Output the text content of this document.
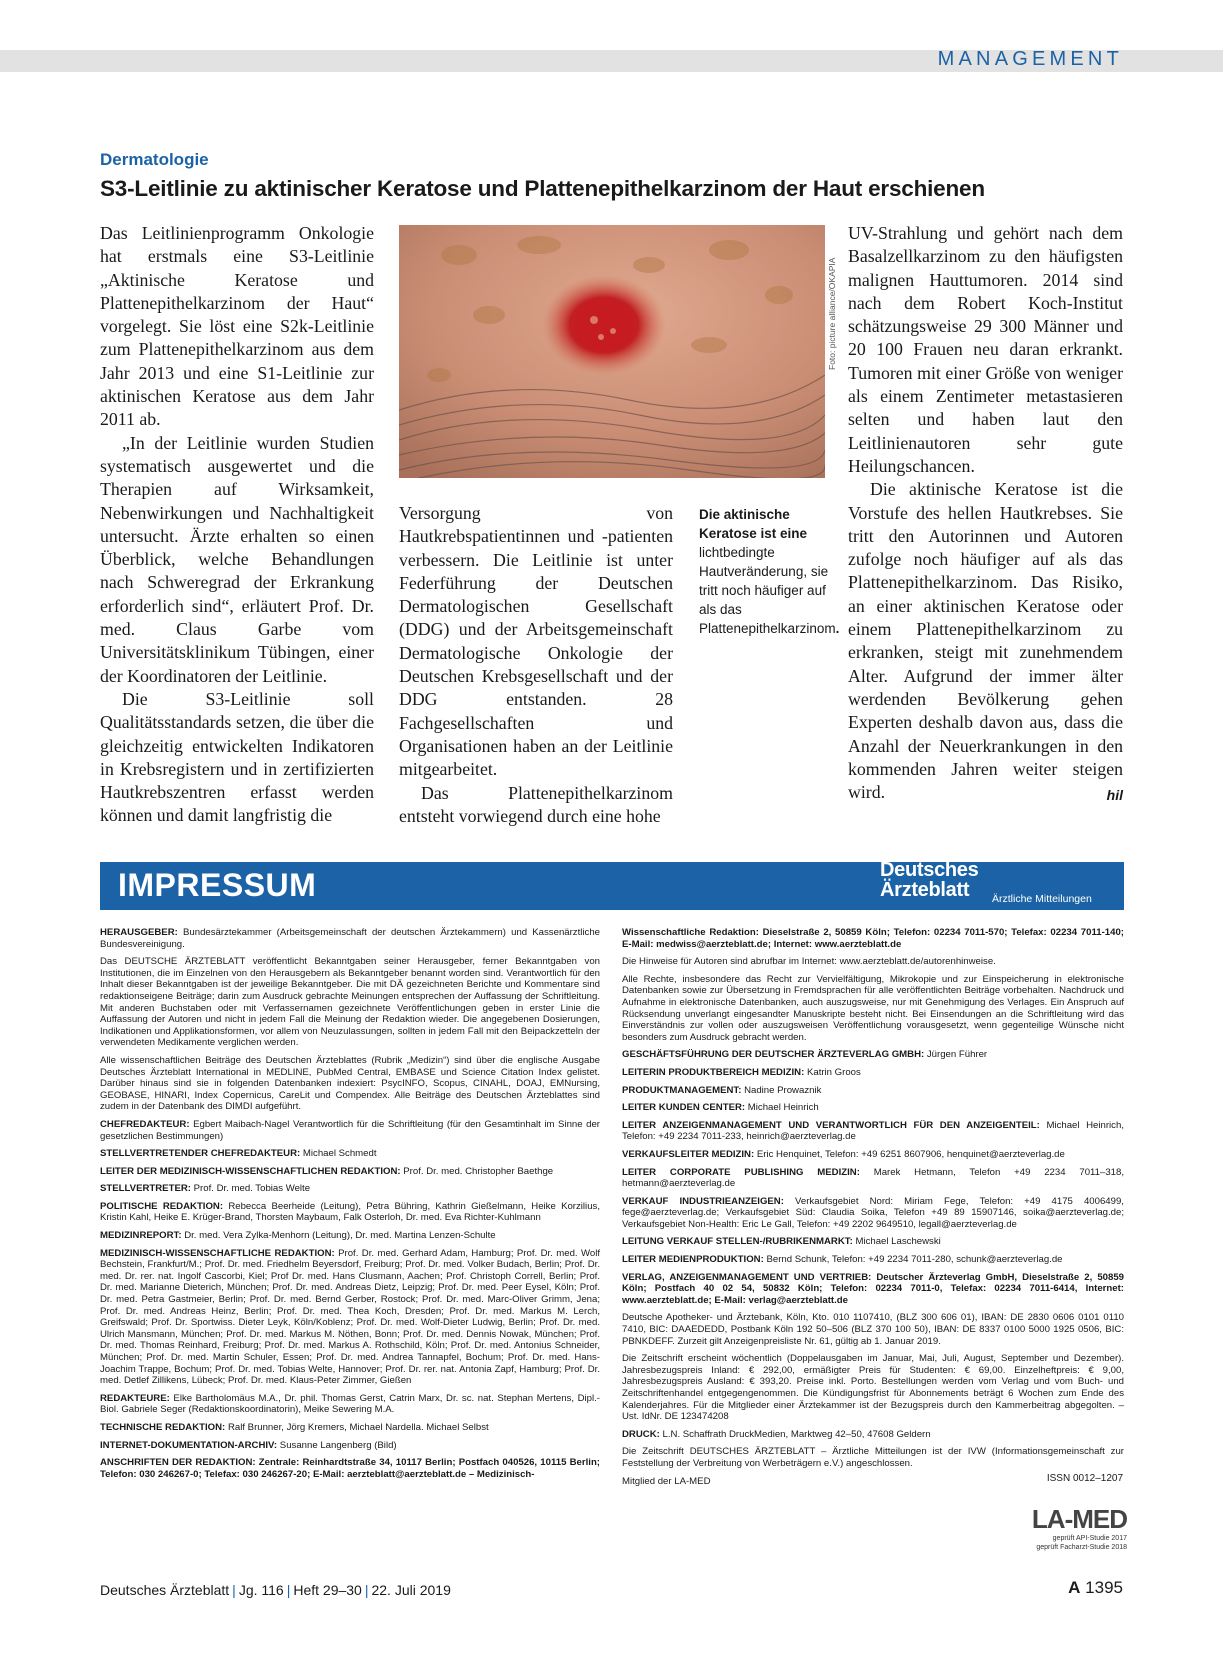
MANAGEMENT
Dermatologie
S3-Leitlinie zu aktinischer Keratose und Plattenepithelkarzinom der Haut erschienen

Das Leitlinienprogramm Onkologie hat erstmals eine S3-Leitlinie „Aktinische Keratose und Plattenepithelkarzinom der Haut“ vorgelegt. Sie löst eine S2k-Leitlinie zum Plattenepithelkarzinom aus dem Jahr 2013 und eine S1-Leitlinie zur aktinischen Keratose aus dem Jahr 2011 ab.

„In der Leitlinie wurden Studien systematisch ausgewertet und die Therapien auf Wirksamkeit, Nebenwirkungen und Nachhaltigkeit untersucht. Ärzte erhalten so einen Überblick, welche Behandlungen nach Schweregrad der Erkrankung erforderlich sind“, erläutert Prof. Dr. med. Claus Garbe vom Universitätsklinikum Tübingen, einer der Koordinatoren der Leitlinie.

Die S3-Leitlinie soll Qualitätsstandards setzen, die über die gleichzeitig entwickelten Indikatoren in Krebsregistern und in zertifizierten Hautkrebszentren erfasst werden können und damit langfristig die

Foto: picture alliance/OKAPIA
Die aktinische Keratose ist eine lichtbedingte Hautveränderung, sie tritt noch häufiger auf als das Plattenepithelkarzinom.

Versorgung von Hautkrebspatientinnen und -patienten verbessern. Die Leitlinie ist unter Federführung der Deutschen Dermatologischen Gesellschaft (DDG) und der Arbeitsgemeinschaft Dermatologische Onkologie der Deutschen Krebsgesellschaft und der DDG entstanden. 28 Fachgesellschaften und Organisationen haben an der Leitlinie mitgearbeitet.

Das Plattenepithelkarzinom entsteht vorwiegend durch eine hohe

UV-Strahlung und gehört nach dem Basalzellkarzinom zu den häufigsten malignen Hauttumoren. 2014 sind nach dem Robert Koch-Institut schätzungsweise 29 300 Männer und 20 100 Frauen neu daran erkrankt. Tumoren mit einer Größe von weniger als einem Zentimeter metastasieren selten und haben laut den Leitlinienautoren sehr gute Heilungschancen.

Die aktinische Keratose ist die Vorstufe des hellen Hautkrebses. Sie tritt den Autorinnen und Autoren zufolge noch häufiger auf als das Plattenepithelkarzinom. Das Risiko, an einer aktinischen Keratose oder einem Plattenepithelkarzinom zu erkranken, steigt mit zunehmendem Alter. Aufgrund der immer älter werdenden Bevölkerung gehen Experten deshalb davon aus, dass die Anzahl der Neuerkrankungen in den kommenden Jahren weiter steigen wird.	hil

IMPRESSUM	Deutsches
Ärzteblatt Ärztliche Mitteilungen

HERAUSGEBER: Bundesärztekammer (Arbeitsgemeinschaft der deutschen Ärztekammern) und Kassenärztliche Bundesvereinigung.

Das DEUTSCHE ÄRZTEBLATT veröffentlicht Bekanntgaben seiner Herausgeber, ferner Bekanntgaben von Institutionen, die im Einzelnen von den Herausgebern als Bekanntgeber benannt worden sind. Verantwortlich für den Inhalt dieser Bekanntgaben ist der jeweilige Bekanntgeber. Die mit DÄ gezeichneten Berichte und Kommentare sind redaktionseigene Beiträge; darin zum Ausdruck gebrachte Meinungen entsprechen der Auffassung der Schriftleitung. Mit anderen Buchstaben oder mit Verfassernamen gezeichnete Veröffentlichungen geben in erster Linie die Auffassung der Autoren und nicht in jedem Fall die Meinung der Redaktion wieder. Die angegebenen Dosierungen, Indikationen und Applikationsformen, vor allem von Neuzulassungen, sollten in jedem Fall mit den Beipackzetteln der verwendeten Medikamente verglichen werden.

Alle wissenschaftlichen Beiträge des Deutschen Ärzteblattes (Rubrik „Medizin“) sind über die englische Ausgabe Deutsches Ärzteblatt International in MEDLINE, PubMed Central, EMBASE und Science Citation Index gelistet. Darüber hinaus sind sie in folgenden Datenbanken indexiert: PsycINFO, Scopus, CINAHL, DOAJ, EMNursing, GEOBASE, HINARI, Index Copernicus, CareLit und Compendex. Alle Beiträge des Deutschen Ärzteblattes sind zudem in der Datenbank des DIMDI aufgeführt.

CHEFREDAKTEUR: Egbert Maibach-Nagel Verantwortlich für die Schriftleitung (für den Gesamtinhalt im Sinne der gesetzlichen Bestimmungen)

STELLVERTRETENDER CHEFREDAKTEUR: Michael Schmedt

LEITER DER MEDIZINISCH-WISSENSCHAFTLICHEN REDAKTION: Prof. Dr. med. Christopher Baethge

STELLVERTRETER: Prof. Dr. med. Tobias Welte

POLITISCHE REDAKTION: Rebecca Beerheide (Leitung), Petra Bühring, Kathrin Gießelmann, Heike Korzilius, Kristin Kahl, Heike E. Krüger-Brand, Thorsten Maybaum, Falk Osterloh, Dr. med. Eva Richter-Kuhlmann

MEDIZINREPORT: Dr. med. Vera Zylka-Menhorn (Leitung), Dr. med. Martina Lenzen-Schulte

MEDIZINISCH-WISSENSCHAFTLICHE REDAKTION: Prof. Dr. med. Gerhard Adam, Hamburg; Prof. Dr. med. Wolf Bechstein, Frankfurt/M.; Prof. Dr. med. Friedhelm Beyersdorf, Freiburg; Prof. Dr. med. Volker Budach, Berlin; Prof. Dr. med. Dr. rer. nat. Ingolf Cascorbi, Kiel; Prof Dr. med. Hans Clusmann, Aachen; Prof. Christoph Correll, Berlin; Prof. Dr. med. Marianne Dieterich, München; Prof. Dr. med. Andreas Dietz, Leipzig; Prof. Dr. med. Peer Eysel, Köln; Prof. Dr. med. Petra Gastmeier, Berlin; Prof. Dr. med. Bernd Gerber, Rostock; Prof. Dr. med. Marc-Oliver Grimm, Jena; Prof. Dr. med. Andreas Heinz, Berlin; Prof. Dr. med. Thea Koch, Dresden; Prof. Dr. med. Markus M. Lerch, Greifswald; Prof. Dr. Sportwiss. Dieter Leyk, Köln/Koblenz; Prof. Dr. med. Wolf-Dieter Ludwig, Berlin; Prof. Dr. med. Ulrich Mansmann, München; Prof. Dr. med. Markus M. Nöthen, Bonn; Prof. Dr. med. Dennis Nowak, München; Prof. Dr. med. Thomas Reinhard, Freiburg; Prof. Dr. med. Markus A. Rothschild, Köln; Prof. Dr. med. Antonius Schneider, München; Prof. Dr. med. Martin Schuler, Essen; Prof. Dr. med. Andrea Tannapfel, Bochum; Prof. Dr. med. Hans-Joachim Trappe, Bochum; Prof. Dr. med. Tobias Welte, Hannover; Prof. Dr. rer. nat. Antonia Zapf, Hamburg; Prof. Dr. med. Detlef Zillikens, Lübeck; Prof. Dr. med. Klaus-Peter Zimmer, Gießen

REDAKTEURE: Elke Bartholomäus M.A., Dr. phil. Thomas Gerst, Catrin Marx, Dr. sc. nat. Stephan Mertens, Dipl.-Biol. Gabriele Seger (Redaktionskoordinatorin), Meike Sewering M.A.

TECHNISCHE REDAKTION: Ralf Brunner, Jörg Kremers, Michael Nardella. Michael Selbst

INTERNET-DOKUMENTATION-ARCHIV: Susanne Langenberg (Bild)

ANSCHRIFTEN DER REDAKTION: Zentrale: Reinhardtstraße 34, 10117 Berlin; Postfach 040526, 10115 Berlin; Telefon: 030 246267-0; Telefax: 030 246267-20; E-Mail: aerzteblatt@aerzteblatt.de – Medizinisch-

Wissenschaftliche Redaktion: Dieselstraße 2, 50859 Köln; Telefon: 02234 7011-570; Telefax: 02234 7011-140; E-Mail: medwiss@aerzteblatt.de; Internet: www.aerzteblatt.de

Die Hinweise für Autoren sind abrufbar im Internet: www.aerzteblatt.de/autorenhinweise.

Alle Rechte, insbesondere das Recht zur Vervielfältigung, Mikrokopie und zur Einspeicherung in elektronische Datenbanken sowie zur Übersetzung in Fremdsprachen für alle veröffentlichten Beiträge vorbehalten. Nachdruck und Aufnahme in elektronische Datenbanken, auch auszugsweise, nur mit Genehmigung des Verlages. Ein Anspruch auf Rücksendung unverlangt eingesandter Manuskripte besteht nicht. Bei Einsendungen an die Schriftleitung wird das Einverständnis zur vollen oder auszugsweisen Veröffentlichung vorausgesetzt, wenn gegenteilige Wünsche nicht besonders zum Ausdruck gebracht werden.

GESCHÄFTSFÜHRUNG DER DEUTSCHER ÄRZTEVERLAG GMBH: Jürgen Führer

LEITERIN PRODUKTBEREICH MEDIZIN: Katrin Groos

PRODUKTMANAGEMENT: Nadine Prowaznik

LEITER KUNDEN CENTER: Michael Heinrich

LEITER ANZEIGENMANAGEMENT UND VERANTWORTLICH FÜR DEN ANZEIGENTEIL: Michael Heinrich, Telefon: +49 2234 7011-233, heinrich@aerzteverlag.de

VERKAUFSLEITER MEDIZIN: Eric Henquinet, Telefon: +49 6251 8607906, henquinet@aerzteverlag.de

LEITER CORPORATE PUBLISHING MEDIZIN: Marek Hetmann, Telefon +49 2234 7011–318, hetmann@aerzteverlag.de

VERKAUF INDUSTRIEANZEIGEN: Verkaufsgebiet Nord: Miriam Fege, Telefon: +49 4175 4006499, fege@aerzteverlag.de; Verkaufsgebiet Süd: Claudia Soika, Telefon +49 89 15907146, soika@aerzteverlag.de; Verkaufsgebiet Non-Health: Eric Le Gall, Telefon: +49 2202 9649510, legall@aerzteverlag.de

LEITUNG VERKAUF STELLEN-/RUBRIKENMARKT: Michael Laschewski

LEITER MEDIENPRODUKTION: Bernd Schunk, Telefon: +49 2234 7011-280, schunk@aerzteverlag.de

VERLAG, ANZEIGENMANAGEMENT UND VERTRIEB: Deutscher Ärzteverlag GmbH, Dieselstraße 2, 50859 Köln; Postfach 40 02 54, 50832 Köln; Telefon: 02234 7011-0, Telefax: 02234 7011-6414, Internet: www.aerzteblatt.de; E-Mail: verlag@aerzteblatt.de

Deutsche Apotheker- und Ärztebank, Köln, Kto. 010 1107410, (BLZ 300 606 01), IBAN: DE 2830 0606 0101 0110 7410, BIC: DAAEDEDD, Postbank Köln 192 50–506 (BLZ 370 100 50), IBAN: DE 8337 0100 5000 1925 0506, BIC: PBNKDEFF. Zurzeit gilt Anzeigenpreisliste Nr. 61, gültig ab 1. Januar 2019.

Die Zeitschrift erscheint wöchentlich (Doppelausgaben im Januar, Mai, Juli, August, September und Dezember). Jahresbezugspreis Inland: € 292,00, ermäßigter Preis für Studenten: € 69,00. Einzelheftpreis: € 9,00, Jahresbezugspreis Ausland: € 393,20. Preise inkl. Porto. Bestellungen werden vom Verlag und vom Buch- und Zeitschriftenhandel entgegengenommen. Die Kündigungsfrist für Abonnements beträgt 6 Wochen zum Ende des Kalenderjahres. Für die Mitglieder einer Ärztekammer ist der Bezugspreis durch den Kammerbeitrag abgegolten. – Ust. IdNr. DE 123474208

DRUCK: L.N. Schaffrath DruckMedien, Marktweg 42–50, 47608 Geldern

Die Zeitschrift DEUTSCHES ÄRZTEBLATT – Ärztliche Mitteilungen ist der IVW (Informationsgemeinschaft zur Feststellung der Verbreitung von Werbeträgern e.V.) angeschlossen.

Mitglied der LA-MED	ISSN 0012–1207
LA-MED
geprüft API-Studie 2017
geprüft Facharzt-Studie 2018
Deutsches Ärzteblatt | Jg. 116 | Heft 29–30 | 22. Juli 2019	A 1395
